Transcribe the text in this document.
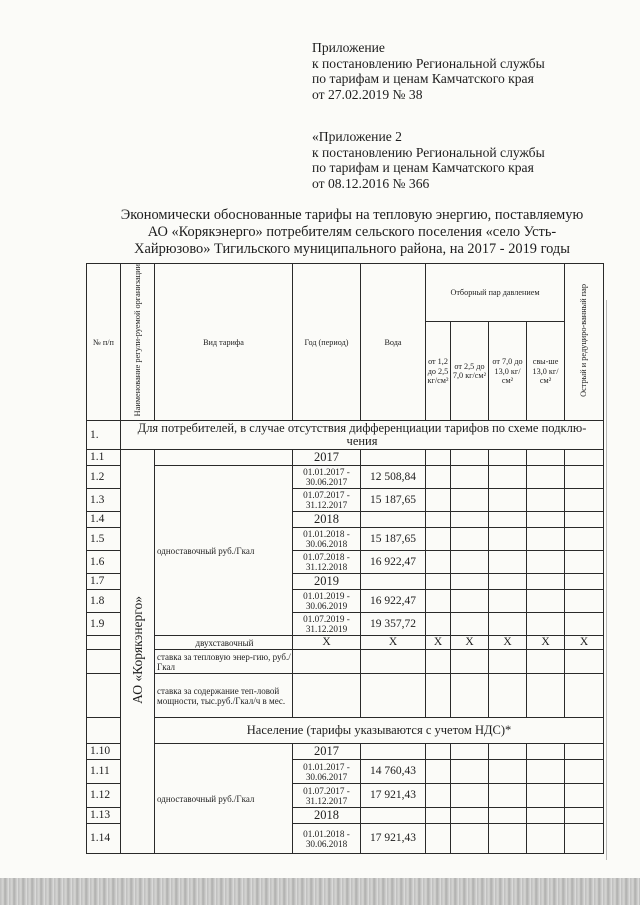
Приложение
к постановлению Региональной службы
по тарифам и ценам Камчатского края
от 27.02.2019 № 38
«Приложение 2
к постановлению Региональной службы
по тарифам и ценам Камчатского края
от 08.12.2016 № 366
Экономически обоснованные тарифы на тепловую энергию, поставляемую
АО «Корякэнерго» потребителям сельского поселения «село Усть-
Хайрюзово» Тигильского муниципального района, на 2017 - 2019 годы
№ п/п	Наименование регули-руемой организации	Вид тарифа	Год (период)	Вода	Отборный пар давлением				Острый и редуциро-ванный пар
					от 1,2 до 2,5 кг/см²	от 2,5 до 7,0 кг/см²	от 7,0 до 13,0 кг/см²	свы-ше 13,0 кг/см²	
1.	Для потребителей, в случае отсутствия дифференциации тарифов по схеме подклю-чения								
1.1	АО «Корякэнерго»		2017						
1.2		одноставочный руб./Гкал	01.01.2017 - 30.06.2017	12 508,84					
1.3			01.07.2017 - 31.12.2017	15 187,65					
1.4			2018						
1.5			01.01.2018 - 30.06.2018	15 187,65					
1.6			01.07.2018 - 31.12.2018	16 922,47					
1.7			2019						
1.8			01.01.2019 - 30.06.2019	16 922,47					
1.9			01.07.2019 - 31.12.2019	19 357,72					
		двухставочный	Х	Х	Х	Х	Х	Х	Х
		ставка за тепловую энер-гию, руб./Гкал							
		ставка за содержание теп-ловой мощности, тыс.руб./Гкал/ч в мес.							
		Население (тарифы указываются с учетом НДС)*							
1.10		одноставочный руб./Гкал	2017						
1.11			01.01.2017 - 30.06.2017	14 760,43					
1.12			01.07.2017 - 31.12.2017	17 921,43					
1.13			2018						
1.14			01.01.2018 - 30.06.2018	17 921,43					
